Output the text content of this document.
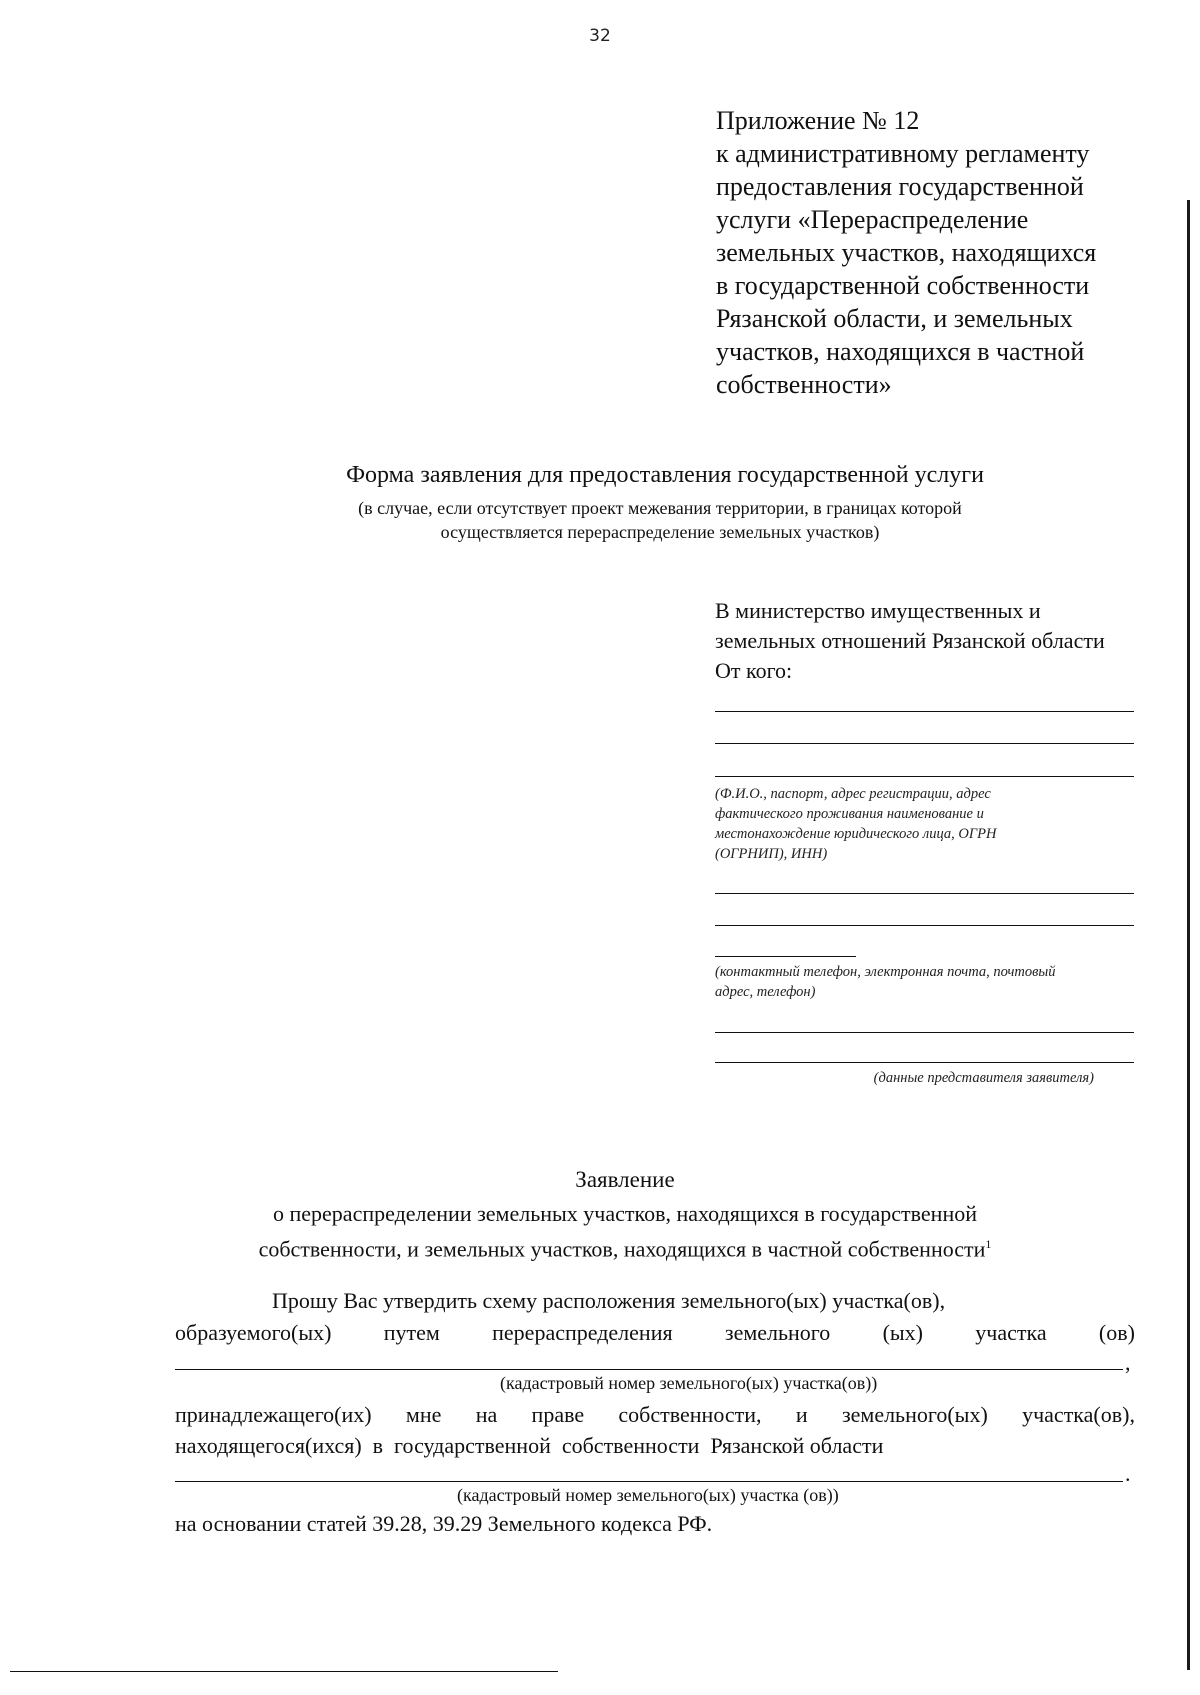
32
Приложение № 12
к административному регламенту
предоставления государственной
услуги «Перераспределение
земельных участков, находящихся
в государственной собственности
Рязанской области, и земельных
участков, находящихся в частной
собственности»
Форма заявления для предоставления государственной услуги
(в случае, если отсутствует проект межевания территории, в границах которой
осуществляется перераспределение земельных участков)
В министерство имущественных и
земельных отношений Рязанской области
От кого:
(Ф.И.О., паспорт, адрес регистрации, адрес
фактического проживания наименование и
местонахождение юридического лица, ОГРН
(ОГРНИП), ИНН)
(контактный телефон, электронная почта, почтовый
адрес, телефон)
(данные представителя заявителя)
Заявление
о перераспределении земельных участков, находящихся в государственной
собственности, и земельных участков, находящихся в частной собственности$^1$
Прошу Вас утвердить схему расположения земельного(ых) участка(ов),
образуемого(ых) путем перераспределения земельного (ых) участка (ов)
,
(кадастровый номер земельного(ых) участка(ов))
принадлежащего(их) мне на праве собственности, и земельного(ых) участка(ов),
находящегося(ихся)  в  государственной  собственности  Рязанской области
.
(кадастровый номер земельного(ых) участка (ов))
на основании статей 39.28, 39.29 Земельного кодекса РФ.
